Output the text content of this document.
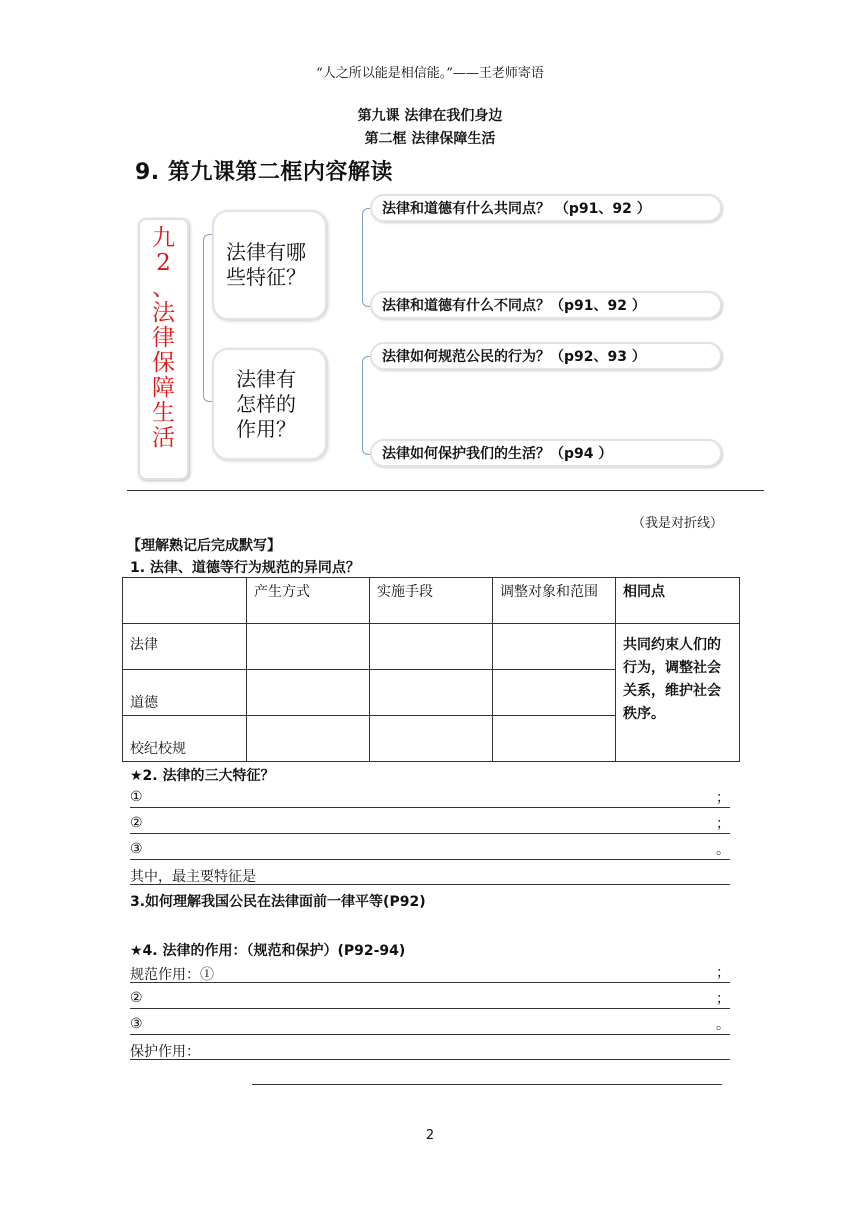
“人之所以能是相信能。”——王老师寄语
第九课 法律在我们身边
第二框 法律保障生活
9. 第九课第二框内容解读
九
2
、
法
律
保
障
生
活
法律有哪
些特征？
法律有
怎样的
作用？
法律和道德有什么共同点？ （p91、92 ）
法律和道德有什么不同点？（p91、92 ）
法律如何规范公民的行为？（p92、93 ）
法律如何保护我们的生活？（p94 ）
（我是对折线）
【理解熟记后完成默写】
1. 法律、道德等行为规范的异同点？
	产生方式	实施手段	调整对象和范围	相同点
法律				共同约束人们的行为，调整社会关系，维护社会秩序。
道德				
校纪校规				
★2. 法律的三大特征？
①	；
②	；
③	。
其中，最主要特征是
3.如何理解我国公民在法律面前一律平等(P92)
★4. 法律的作用：（规范和保护）(P92-94)
规范作用：①	；
②	；
③	。
保护作用：
2
